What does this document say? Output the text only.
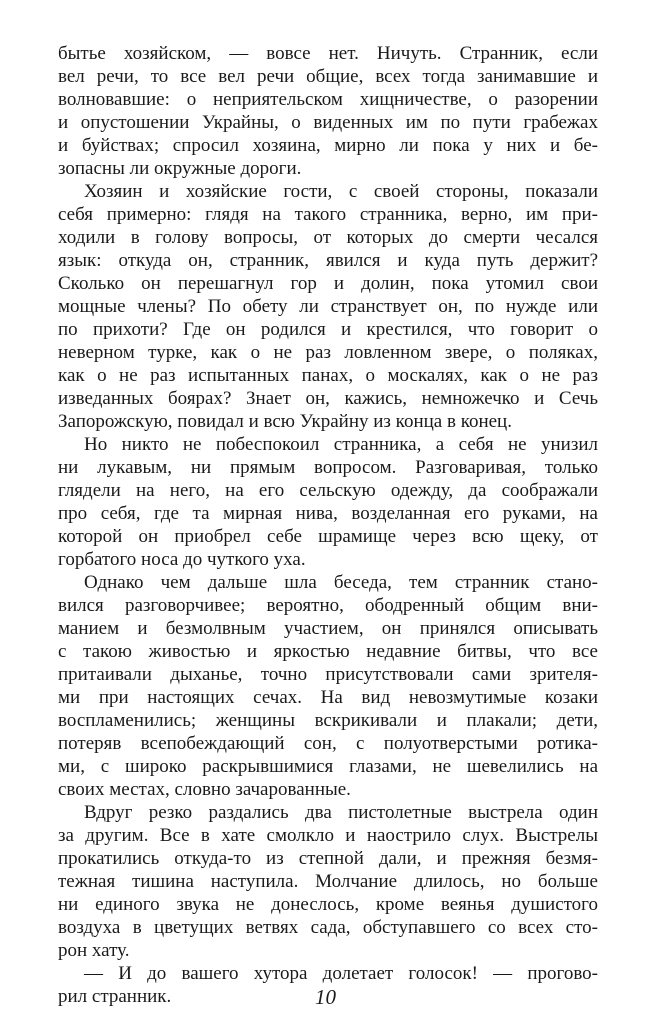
бытье хозяйском, — вовсе нет. Ничуть. Странник, если
вел речи, то все вел речи общие, всех тогда занимавшие и
волновавшие: о неприятельском хищничестве, о разорении
и опустошении Украйны, о виденных им по пути грабежах
и буйствах; спросил хозяина, мирно ли пока у них и бе-
зопасны ли окружные дороги.
Хозяин и хозяйские гости, с своей стороны, показали
себя примерно: глядя на такого странника, верно, им при-
ходили в голову вопросы, от которых до смерти чесался
язык: откуда он, странник, явился и куда путь держит?
Сколько он перешагнул гор и долин, пока утомил свои
мощные члены? По обету ли странствует он, по нужде или
по прихоти? Где он родился и крестился, что говорит о
неверном турке, как о не раз ловленном звере, о поляках,
как о не раз испытанных панах, о москалях, как о не раз
изведанных боярах? Знает он, кажись, немножечко и Сечь
Запорожскую, повидал и всю Украйну из конца в конец.
Но никто не побеспокоил странника, а себя не унизил
ни лукавым, ни прямым вопросом. Разговаривая, только
глядели на него, на его сельскую одежду, да соображали
про себя, где та мирная нива, возделанная его руками, на
которой он приобрел себе шрамище через всю щеку, от
горбатого носа до чуткого уха.
Однако чем дальше шла беседа, тем странник стано-
вился разговорчивее; вероятно, ободренный общим вни-
манием и безмолвным участием, он принялся описывать
с такою живостью и яркостью недавние битвы, что все
притаивали дыханье, точно присутствовали сами зрителя-
ми при настоящих сечах. На вид невозмутимые козаки
воспламенились; женщины вскрикивали и плакали; дети,
потеряв всепобеждающий сон, с полуотверстыми ротика-
ми, с широко раскрывшимися глазами, не шевелились на
своих местах, словно зачарованные.
Вдруг резко раздались два пистолетные выстрела один
за другим. Все в хате смолкло и наострило слух. Выстрелы
прокатились откуда-то из степной дали, и прежняя безмя-
тежная тишина наступила. Молчание длилось, но больше
ни единого звука не донеслось, кроме веянья душистого
воздуха в цветущих ветвях сада, обступавшего со всех сто-
рон хату.
— И до вашего хутора долетает голосок! — прогово-
рил странник.	10
